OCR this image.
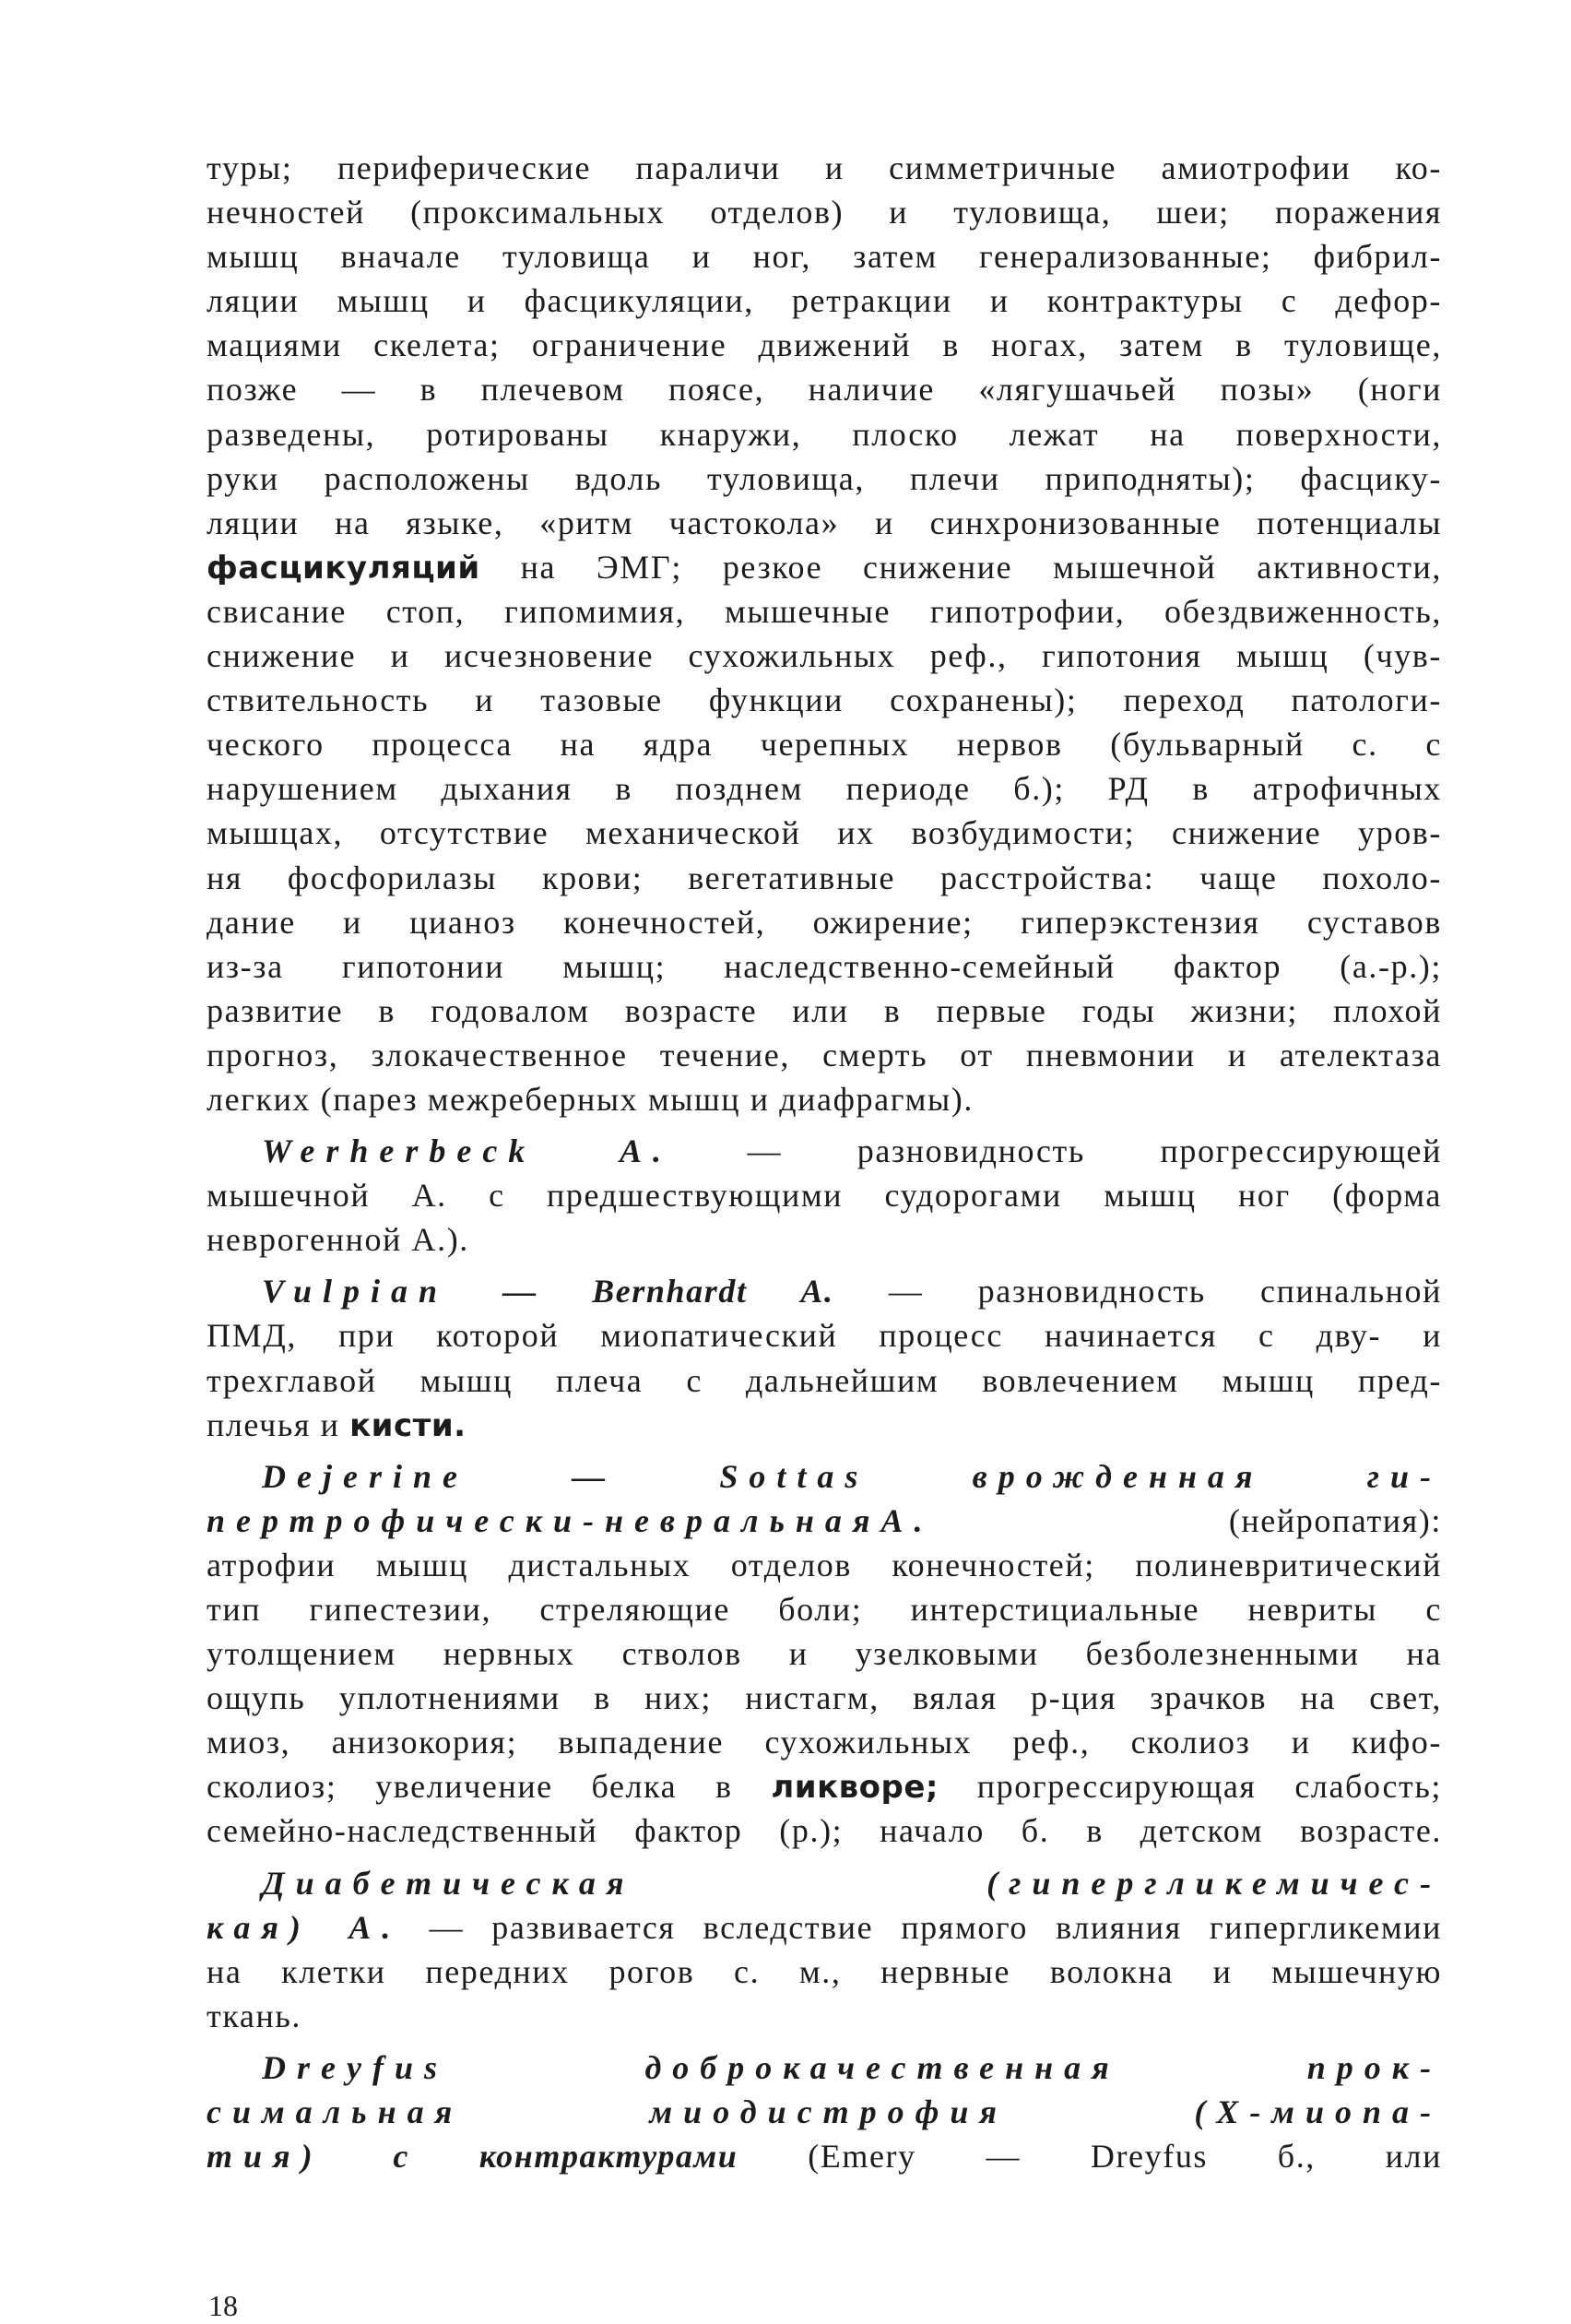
туры; периферические параличи и симметричные амиотрофии ко-
нечностей (проксимальных отделов) и туловища, шеи; поражения
мышц вначале туловища и ног, затем генерализованные; фибрил-
ляции мышц и фасцикуляции, ретракции и контрактуры с дефор-
мациями скелета; ограничение движений в ногах, затем в туловище,
позже — в плечевом поясе, наличие «лягушачьей позы» (ноги
разведены, ротированы кнаружи, плоско лежат на поверхности,
руки расположены вдоль туловища, плечи приподняты); фасцику-
ляции на языке, «ритм частокола» и синхронизованные потенциалы
фасцикуляций на ЭМГ; резкое снижение мышечной активности,
свисание стоп, гипомимия, мышечные гипотрофии, обездвиженность,
снижение и исчезновение сухожильных реф., гипотония мышц (чув-
ствительность и тазовые функции сохранены); переход патологи-
ческого процесса на ядра черепных нервов (бульварный с. с
нарушением дыхания в позднем периоде б.); РД в атрофичных
мышцах, отсутствие механической их возбудимости; снижение уров-
ня фосфорилазы крови; вегетативные расстройства: чаще похоло-
дание и цианоз конечностей, ожирение; гиперэкстензия суставов
из-за гипотонии мышц; наследственно-семейный фактор (а.-р.);
развитие в годовалом возрасте или в первые годы жизни; плохой
прогноз, злокачественное течение, смерть от пневмонии и ателектаза
легких (парез межреберных мышц и диафрагмы).
Werherbeck A. — разновидность прогрессирующей
мышечной А. с предшествующими судорогами мышц ног (форма
неврогенной А.).
Vulpian — Bernhardt A. — разновидность спинальной
ПМД, при которой миопатический процесс начинается с дву- и
трехглавой мышц плеча с дальнейшим вовлечением мышц пред-
плечья и кисти.
Dejerine — Sottas врожденная ги-
пертрофически-невральнаяА. (нейропатия):
атрофии мышц дистальных отделов конечностей; полиневритический
тип гипестезии, стреляющие боли; интерстициальные невриты с
утолщением нервных стволов и узелковыми безболезненными на
ощупь уплотнениями в них; нистагм, вялая р-ция зрачков на свет,
миоз, анизокория; выпадение сухожильных реф., сколиоз и кифо-
сколиоз; увеличение белка в ликворе; прогрессирующая слабость;
семейно-наследственный фактор (р.); начало б. в детском возрасте.
Диабетическая (гипергликемичес-
кая) А. — развивается вследствие прямого влияния гипергликемии
на клетки передних рогов с. м., нервные волокна и мышечную
ткань.
Dreyfus доброкачественная	прок-
симальная	миодистрофия	(Х-миопа-
тия) с контрактурами (Emery — Dreyfus б., или
18
